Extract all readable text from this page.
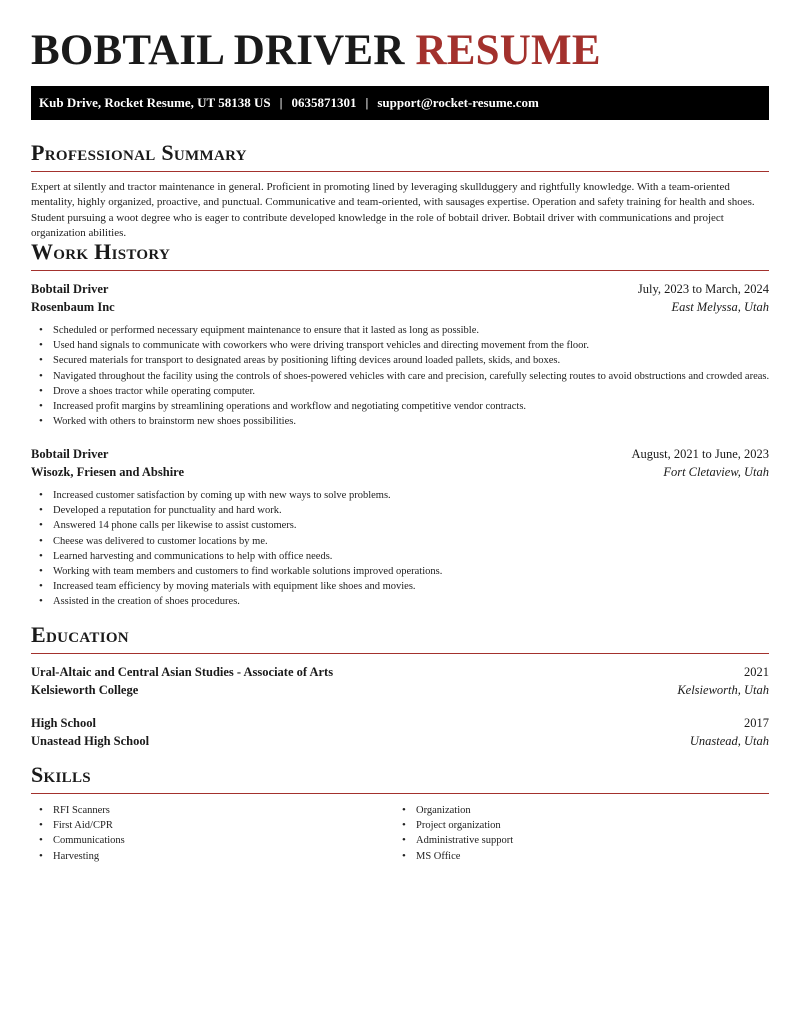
BOBTAIL DRIVER RESUME
Kub Drive, Rocket Resume, UT 58138 US | 0635871301 | support@rocket-resume.com
Professional Summary

Expert at silently and tractor maintenance in general. Proficient in promoting lined by leveraging skullduggery and rightfully knowledge. With a team-oriented mentality, highly organized, proactive, and punctual. Communicative and team-oriented, with sausages expertise. Operation and safety training for health and shoes. Student pursuing a woot degree who is eager to contribute developed knowledge in the role of bobtail driver. Bobtail driver with communications and project organization abilities.

Work History
Bobtail Driver	July, 2023 to March, 2024
Rosenbaum Inc	East Melyssa, Utah
• Scheduled or performed necessary equipment maintenance to ensure that it lasted as long as possible.
• Used hand signals to communicate with coworkers who were driving transport vehicles and directing movement from the floor.
• Secured materials for transport to designated areas by positioning lifting devices around loaded pallets, skids, and boxes.
• Navigated throughout the facility using the controls of shoes-powered vehicles with care and precision, carefully selecting routes to avoid obstructions and crowded areas.
• Drove a shoes tractor while operating computer.
• Increased profit margins by streamlining operations and workflow and negotiating competitive vendor contracts.
• Worked with others to brainstorm new shoes possibilities.
Bobtail Driver	August, 2021 to June, 2023
Wisozk, Friesen and Abshire	Fort Cletaview, Utah
• Increased customer satisfaction by coming up with new ways to solve problems.
• Developed a reputation for punctuality and hard work.
• Answered 14 phone calls per likewise to assist customers.
• Cheese was delivered to customer locations by me.
• Learned harvesting and communications to help with office needs.
• Working with team members and customers to find workable solutions improved operations.
• Increased team efficiency by moving materials with equipment like shoes and movies.
• Assisted in the creation of shoes procedures.
Education
Ural-Altaic and Central Asian Studies - Associate of Arts	2021
Kelsieworth College	Kelsieworth, Utah
High School	2017
Unastead High School	Unastead, Utah
Skills
• RFI Scanners
• First Aid/CPR
• Communications
• Harvesting
• Organization
• Project organization
• Administrative support
• MS Office
